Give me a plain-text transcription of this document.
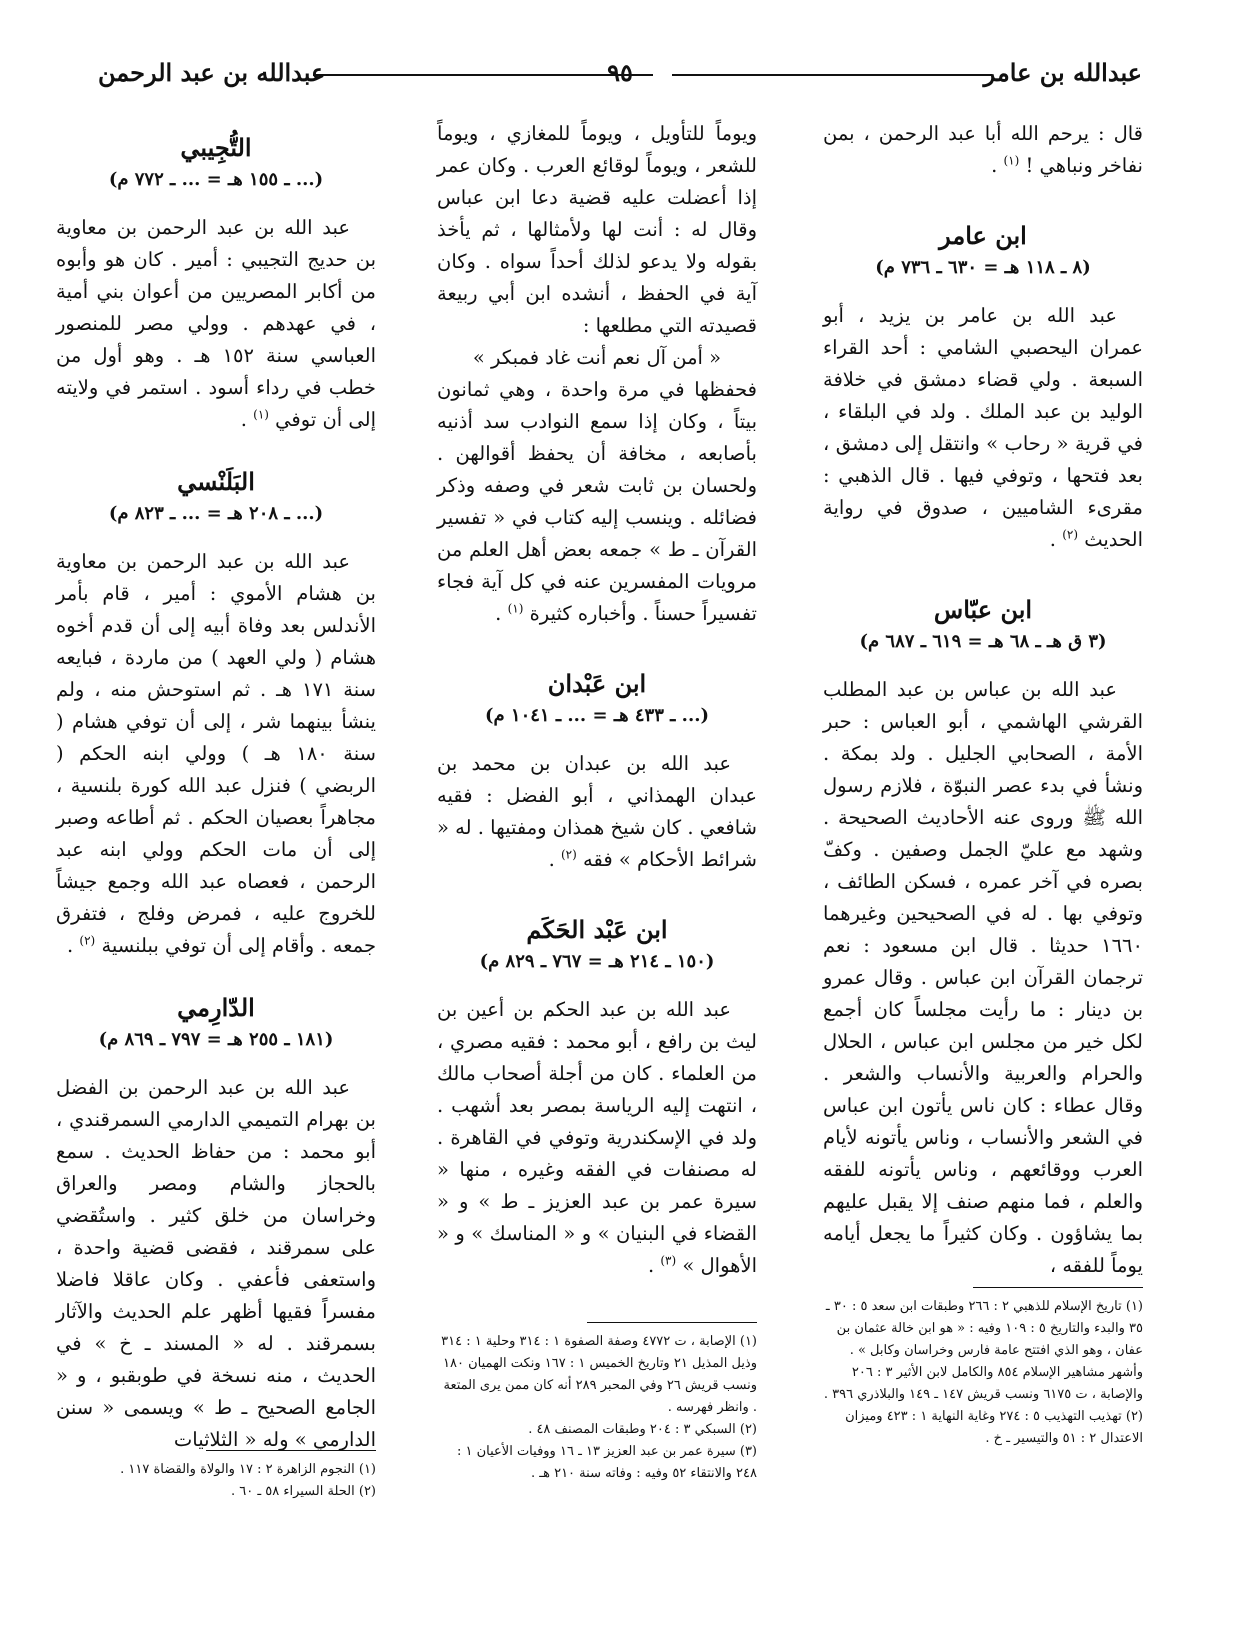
عبدالله بن عامر
٩٥
عبدالله بن عبد الرحمن

قال : يرحم الله أبا عبد الرحمن ، بمن نفاخر ونباهي ! $^{(١)}$ .

ابن عامر

(٨ ـ ١١٨ هـ = ٦٣٠ ـ ٧٣٦ م)

عبد الله بن عامر بن يزيد ، أبو عمران اليحصبي الشامي : أحد القراء السبعة . ولي قضاء دمشق في خلافة الوليد بن عبد الملك . ولد في البلقاء ، في قرية « رحاب » وانتقل إلى دمشق ، بعد فتحها ، وتوفي فيها . قال الذهبي : مقرىء الشاميين ، صدوق في رواية الحديث $^{(٢)}$ .

ابن عبّاس

(٣ ق هـ ـ ٦٨ هـ = ٦١٩ ـ ٦٨٧ م)

عبد الله بن عباس بن عبد المطلب القرشي الهاشمي ، أبو العباس : حبر الأمة ، الصحابي الجليل . ولد بمكة . ونشأ في بدء عصر النبوّة ، فلازم رسول الله ﷺ وروى عنه الأحاديث الصحيحة . وشهد مع عليّ الجمل وصفين . وكفّ بصره في آخر عمره ، فسكن الطائف ، وتوفي بها . له في الصحيحين وغيرهما ١٦٦٠ حديثا . قال ابن مسعود : نعم ترجمان القرآن ابن عباس . وقال عمرو بن دينار : ما رأيت مجلساً كان أجمع لكل خير من مجلس ابن عباس ، الحلال والحرام والعربية والأنساب والشعر . وقال عطاء : كان ناس يأتون ابن عباس في الشعر والأنساب ، وناس يأتونه لأيام العرب ووقائعهم ، وناس يأتونه للفقه والعلم ، فما منهم صنف إلا يقبل عليهم بما يشاؤون . وكان كثيراً ما يجعل أيامه يوماً للفقه ،

ويوماً للتأويل ، ويوماً للمغازي ، ويوماً للشعر ، ويوماً لوقائع العرب . وكان عمر إذا أعضلت عليه قضية دعا ابن عباس وقال له : أنت لها ولأمثالها ، ثم يأخذ بقوله ولا يدعو لذلك أحداً سواه . وكان آية في الحفظ ، أنشده ابن أبي ربيعة قصيدته التي مطلعها :

« أمن آل نعم أنت غاد فمبكر »

فحفظها في مرة واحدة ، وهي ثمانون بيتاً ، وكان إذا سمع النوادب سد أذنيه بأصابعه ، مخافة أن يحفظ أقوالهن . ولحسان بن ثابت شعر في وصفه وذكر فضائله . وينسب إليه كتاب في « تفسير القرآن ـ ط » جمعه بعض أهل العلم من مرويات المفسرين عنه في كل آية فجاء تفسيراً حسناً . وأخباره كثيرة $^{(١)}$ .

ابن عَبْدان

(... ـ ٤٣٣ هـ = ... ـ ١٠٤١ م)

عبد الله بن عبدان بن محمد بن عبدان الهمذاني ، أبو الفضل : فقيه شافعي . كان شيخ همذان ومفتيها . له « شرائط الأحكام » فقه $^{(٢)}$ .

ابن عَبْد الحَكَم

(١٥٠ ـ ٢١٤ هـ = ٧٦٧ ـ ٨٢٩ م)

عبد الله بن عبد الحكم بن أعين بن ليث بن رافع ، أبو محمد : فقيه مصري ، من العلماء . كان من أجلة أصحاب مالك ، انتهت إليه الرياسة بمصر بعد أشهب . ولد في الإسكندرية وتوفي في القاهرة . له مصنفات في الفقه وغيره ، منها « سيرة عمر بن عبد العزيز ـ ط » و « القضاء في البنيان » و « المناسك » و « الأهوال » $^{(٣)}$ .

التُّجِيبي

(... ـ ١٥٥ هـ = ... ـ ٧٧٢ م)

عبد الله بن عبد الرحمن بن معاوية بن حديج التجيبي : أمير . كان هو وأبوه من أكابر المصريين من أعوان بني أمية ، في عهدهم . وولي مصر للمنصور العباسي سنة ١٥٢ هـ . وهو أول من خطب في رداء أسود . استمر في ولايته إلى أن توفي $^{(١)}$ .

البَلَنْسي

(... ـ ٢٠٨ هـ = ... ـ ٨٢٣ م)

عبد الله بن عبد الرحمن بن معاوية بن هشام الأموي : أمير ، قام بأمر الأندلس بعد وفاة أبيه إلى أن قدم أخوه هشام ( ولي العهد ) من ماردة ، فبايعه سنة ١٧١ هـ . ثم استوحش منه ، ولم ينشأ بينهما شر ، إلى أن توفي هشام ( سنة ١٨٠ هـ ) وولي ابنه الحكم ( الربضي ) فنزل عبد الله كورة بلنسية ، مجاهراً بعصيان الحكم . ثم أطاعه وصبر إلى أن مات الحكم وولي ابنه عبد الرحمن ، فعصاه عبد الله وجمع جيشاً للخروج عليه ، فمرض وفلج ، فتفرق جمعه . وأقام إلى أن توفي ببلنسية $^{(٢)}$ .

الدّارِمي

(١٨١ ـ ٢٥٥ هـ = ٧٩٧ ـ ٨٦٩ م)

عبد الله بن عبد الرحمن بن الفضل بن بهرام التميمي الدارمي السمرقندي ، أبو محمد : من حفاظ الحديث . سمع بالحجاز والشام ومصر والعراق وخراسان من خلق كثير . واستُقضي على سمرقند ، فقضى قضية واحدة ، واستعفى فأعفي . وكان عاقلا فاضلا مفسراً فقيها أظهر علم الحديث والآثار بسمرقند . له « المسند ـ خ » في الحديث ، منه نسخة في طوبقبو ، و « الجامع الصحيح ـ ط » ويسمى « سنن الدارمي » وله « الثلاثيات

(١) تاريخ الإسلام للذهبي ٢ : ٢٦٦ وطبقات ابن سعد ٥ : ٣٠ ـ ٣٥ والبدء والتاريخ ٥ : ١٠٩ وفيه : « هو ابن خالة عثمان بن عفان ، وهو الذي افتتح عامة فارس وخراسان وكابل » . وأشهر مشاهير الإسلام ٨٥٤ والكامل لابن الأثير ٣ : ٢٠٦ والإصابة ، ت ٦١٧٥ ونسب قريش ١٤٧ ـ ١٤٩ والبلاذري ٣٩٦ .

(٢) تهذيب التهذيب ٥ : ٢٧٤ وغاية النهاية ١ : ٤٢٣ وميزان الاعتدال ٢ : ٥١ والتيسير ـ خ .

(١) الإصابة ، ت ٤٧٧٢ وصفة الصفوة ١ : ٣١٤ وحلية ١ : ٣١٤ وذيل المذيل ٢١ وتاريخ الخميس ١ : ١٦٧ ونكت الهميان ١٨٠ ونسب قريش ٢٦ وفي المحبر ٢٨٩ أنه كان ممن يرى المتعة . وانظر فهرسه .

(٢) السبكي ٣ : ٢٠٤ وطبقات المصنف ٤٨ .

(٣) سيرة عمر بن عبد العزيز ١٣ ـ ١٦ ووفيات الأعيان ١ : ٢٤٨ والانتقاء ٥٢ وفيه : وفاته سنة ٢١٠ هـ .

(١) النجوم الزاهرة ٢ : ١٧ والولاة والقضاة ١١٧ .

(٢) الحلة السيراء ٥٨ ـ ٦٠ .
